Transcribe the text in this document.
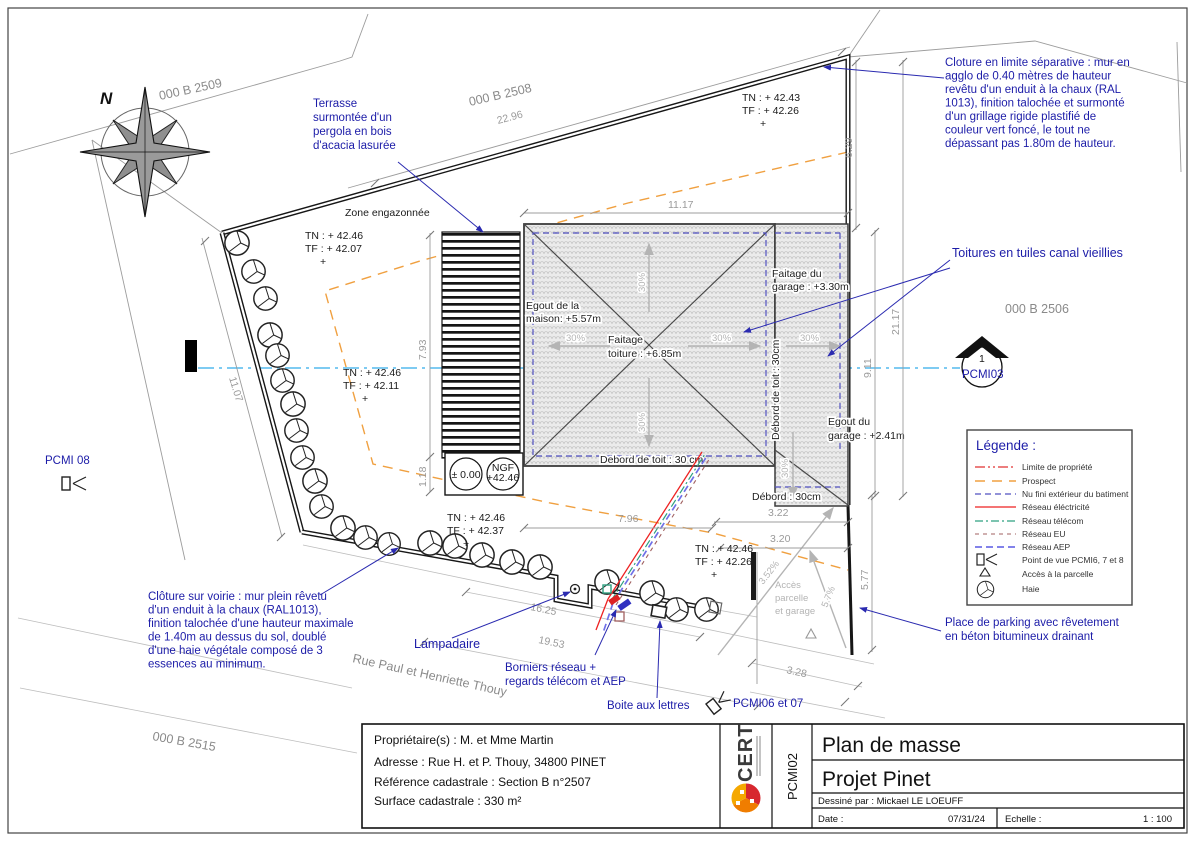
000 B 2509	000 B 2508
000 B 2506
000 B 2515
Rue Paul et Henriette Thouy
± 0.00
NGF
+42.46
30%
30%
30%	30%	30%
30%
Egout de la
maison: +5.57m
Faitage
toiture : +6.85m
Faitage du
garage : +3.30m
Egout du
garage : +2.41m
Debord de toit : 30 cm
Débord de toit : 30cm
Débord : 30cm
Zone engazonnée
3.52%
5.7%
Accès
parcelle
et garage
22.96
11.17
6.29
9.11
21.17
7.93
1.18
11.07
7.96	3.22
3.20
5.77
16.25
19.53
3.28
TN : + 42.46
TF : + 42.07
+
TN : + 42.46
TF : + 42.11
+
TN : + 42.43
TF : + 42.26
+
TN : + 42.46
TF : + 42.37
+	TN : + 42.46
TF : + 42.26
+
N
Cloture en limite séparative : mur en
agglo de 0.40 mètres de hauteur
revêtu d'un enduit à la chaux (RAL
1013), finition talochée et surmonté
d'un grillage rigide plastifié de
couleur vert foncé, le tout ne
dépassant pas 1.80m de hauteur.
Terrasse
surmontée d'un
pergola en bois
d'acacia lasurée
Toitures en tuiles canal vieillies
Clôture sur voirie : mur plein rêvetu
d'un enduit à la chaux (RAL1013),
finition talochée d'une hauteur maximale
de 1.40m au dessus du sol, doublé
d'une haie végétale composé de 3
essences au minimum.
Lampadaire
Borniers réseau +
regards télécom et AEP
Boite aux lettres
Place de parking avec rêvetement
en béton bitumineux drainant
PCMI 08
PCMI06 et 07
1
PCMI03
Légende :
Limite de propriété
Prospect
Nu fini extérieur du batiment
Réseau éléctricité
Réseau télécom
Réseau EU
Réseau AEP
Point de vue PCMI6, 7 et 8
Accès à la parcelle
Haie
Propriétaire(s) : M. et Mme Martin
Adresse : Rue H. et P. Thouy, 34800 PINET
Référence cadastrale : Section B n°2507
Surface cadastrale : 330 m²
CERT PCMI02
Plan de masse
Projet Pinet
Dessiné par : Mickael LE LOEUFF
Date :	07/31/24 Echelle :	1 : 100
